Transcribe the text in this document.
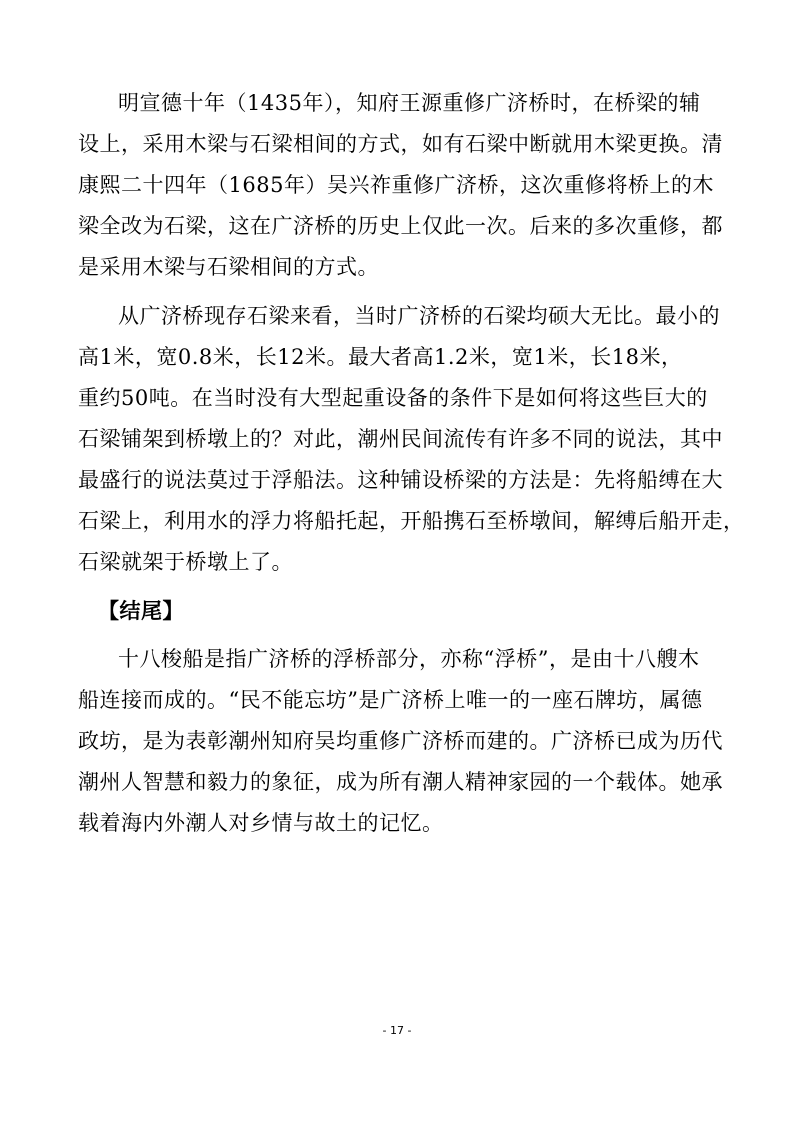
明宣德十年（1435年），知府王源重修广济桥时，在桥梁的辅
设上，采用木梁与石梁相间的方式，如有石梁中断就用木梁更换。清
康熙二十四年（1685年）吴兴祚重修广济桥，这次重修将桥上的木
梁全改为石梁，这在广济桥的历史上仅此一次。后来的多次重修，都
是采用木梁与石梁相间的方式。
从广济桥现存石梁来看，当时广济桥的石梁均硕大无比。最小的
高1米，宽0.8米，长12米。最大者高1.2米，宽1米，长18米，
重约50吨。在当时没有大型起重设备的条件下是如何将这些巨大的
石梁铺架到桥墩上的？对此，潮州民间流传有许多不同的说法，其中
最盛行的说法莫过于浮船法。这种铺设桥梁的方法是：先将船缚在大
石梁上，利用水的浮力将船托起，开船携石至桥墩间，解缚后船开走，
石梁就架于桥墩上了。
【结尾】
十八梭船是指广济桥的浮桥部分，亦称“浮桥”，是由十八艘木
船连接而成的。“民不能忘坊”是广济桥上唯一的一座石牌坊，属德
政坊，是为表彰潮州知府吴均重修广济桥而建的。广济桥已成为历代
潮州人智慧和毅力的象征，成为所有潮人精神家园的一个载体。她承
载着海内外潮人对乡情与故土的记忆。
- 17 -
